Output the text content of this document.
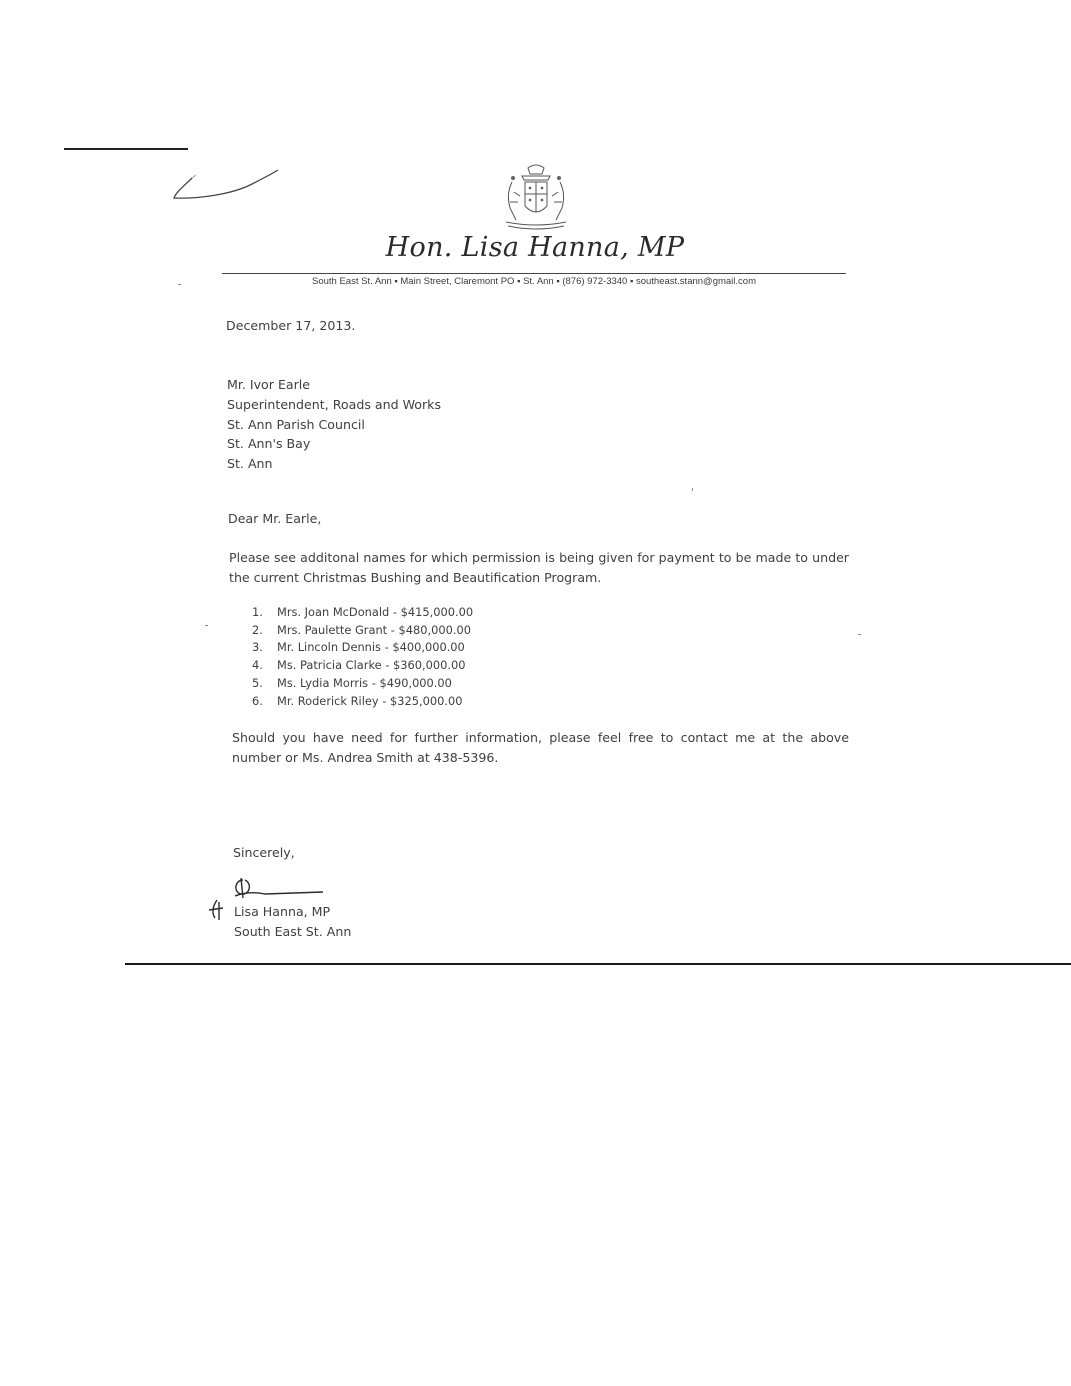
Hon. Lisa Hanna, MP
South East St. Ann ▪ Main Street, Claremont PO ▪ St. Ann ▪ (876) 972-3340 ▪ southeast.stann@gmail.com
December 17, 2013.
Mr. Ivor Earle
Superintendent, Roads and Works
St. Ann Parish Council
St. Ann's Bay
St. Ann
Dear Mr. Earle,
Please see additonal names for which permission is being given for payment to be made to under the current Christmas Bushing and Beautification Program.
1.	Mrs. Joan McDonald - $415,000.00
2.	Mrs. Paulette Grant - $480,000.00
3.	Mr. Lincoln Dennis - $400,000.00
4.	Ms. Patricia Clarke - $360,000.00
5.	Ms. Lydia Morris - $490,000.00
6.	Mr. Roderick Riley - $325,000.00
Should you have need for further information, please feel free to contact me at the above number or Ms. Andrea Smith at 438-5396.
Sincerely,
Lisa Hanna, MP
South East St. Ann
